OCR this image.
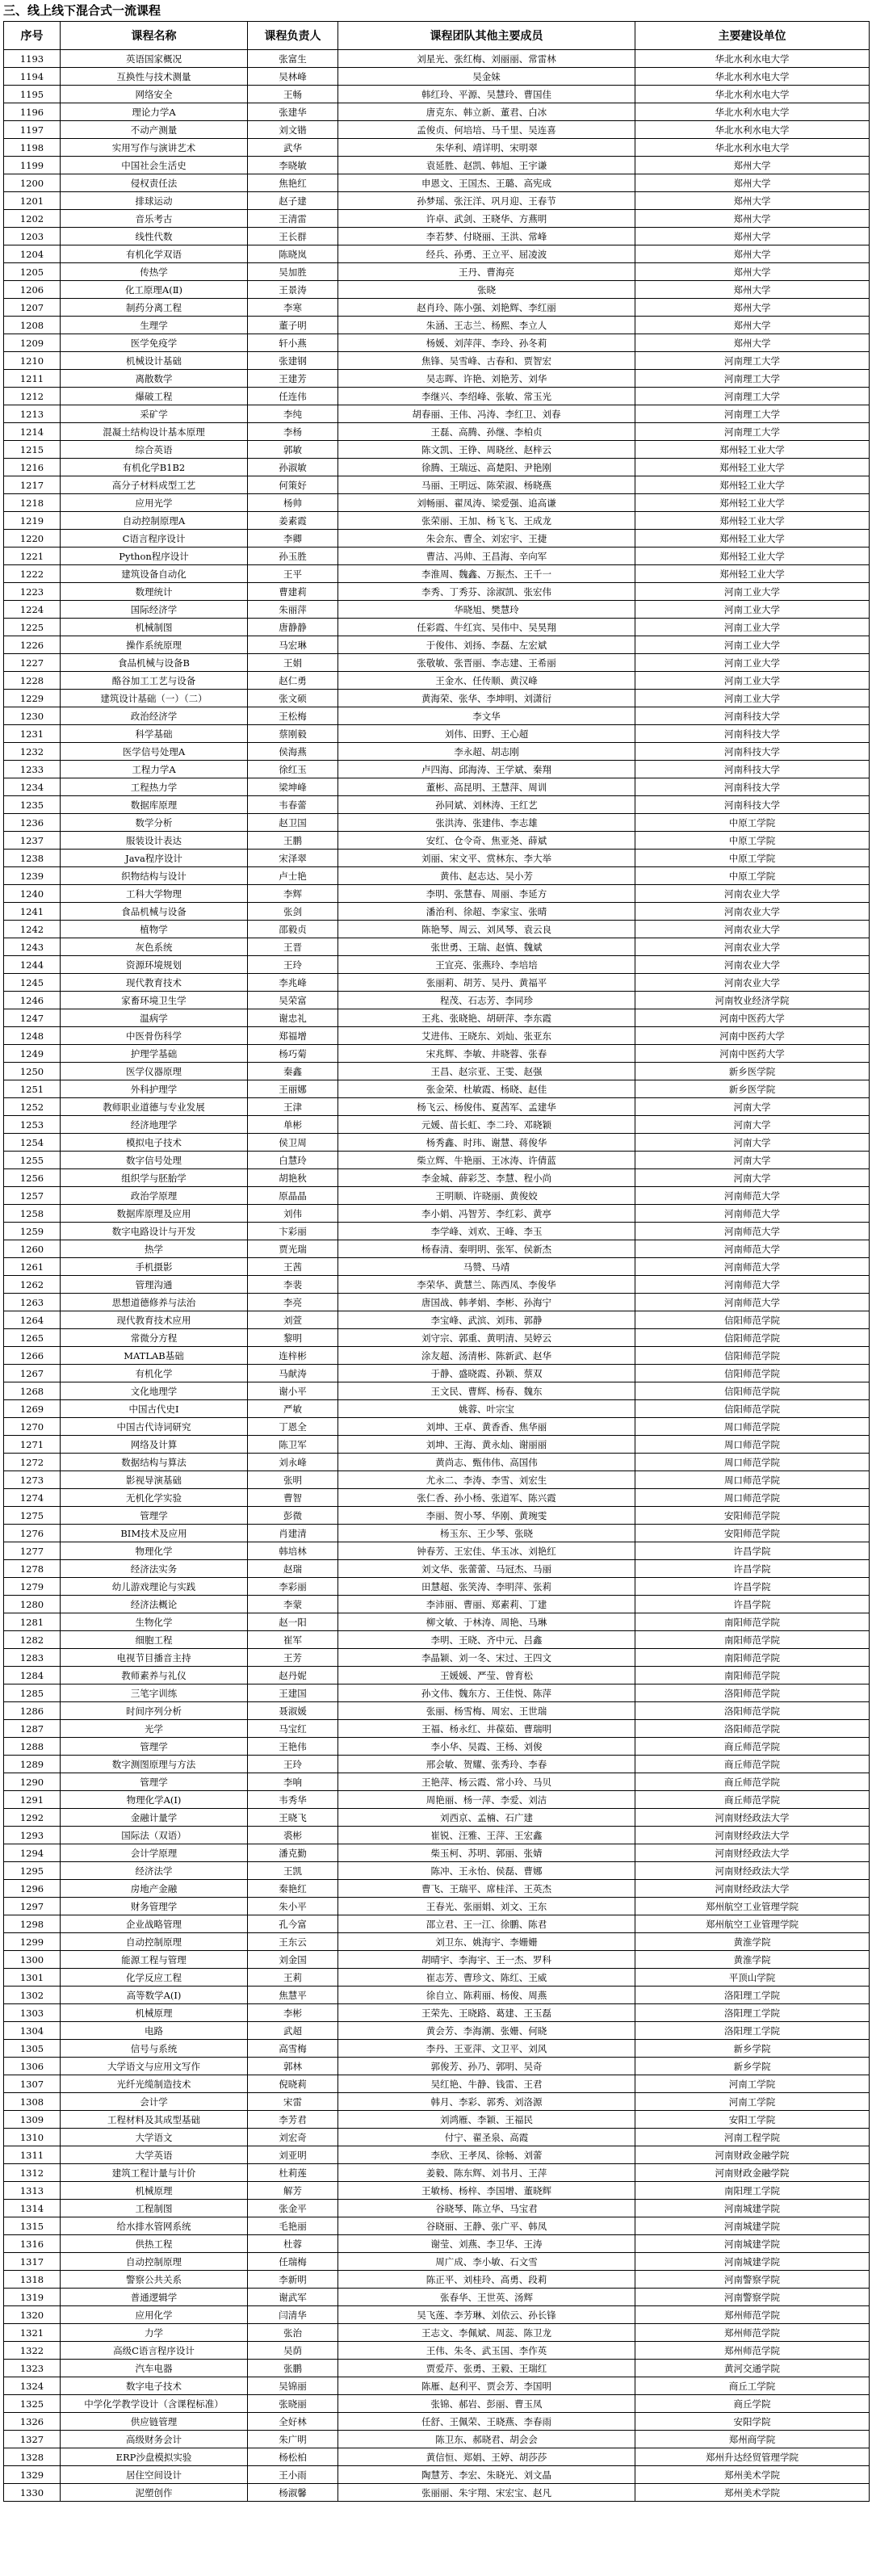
三、线上线下混合式一流课程
序号	课程名称	课程负责人	课程团队其他主要成员	主要建设单位
1193	英语国家概况	张富生	刘星光、张红梅、刘丽丽、常雷林	华北水利水电大学
1194	互换性与技术测量	吴林峰	吴金妹	华北水利水电大学
1195	网络安全	王畅	韩红玲、平源、吴慧玲、曹国佳	华北水利水电大学
1196	理论力学A	张建华	唐克东、韩立新、董君、白冰	华北水利水电大学
1197	不动产测量	刘文锴	孟俊贞、何培培、马千里、吴连喜	华北水利水电大学
1198	实用写作与演讲艺术	武华	朱华利、靖详明、宋明翠	华北水利水电大学
1199	中国社会生活史	李晓敏	袁延胜、赵凯、韩旭、王宇谦	郑州大学
1200	侵权责任法	焦艳红	申恩文、王国杰、王璐、高宪成	郑州大学
1201	排球运动	赵子建	孙梦瑶、张汪洋、巩月迎、王春节	郑州大学
1202	音乐考古	王清雷	许卓、武剑、王晓华、方燕明	郑州大学
1203	线性代数	王长群	李若梦、付晓丽、王洪、常峰	郑州大学
1204	有机化学双语	陈晓岚	经兵、孙勇、王立平、屈凌波	郑州大学
1205	传热学	吴加胜	王丹、曹海亮	郑州大学
1206	化工原理A(Ⅱ)	王景涛	张晓	郑州大学
1207	制药分离工程	李寒	赵肖玲、陈小强、刘艳辉、李红丽	郑州大学
1208	生理学	董子明	朱涵、王志兰、杨熙、李立人	郑州大学
1209	医学免疫学	轩小燕	杨媛、刘萍萍、李玲、孙冬莉	郑州大学
1210	机械设计基础	张建钢	焦锋、吴雪峰、古春和、贾智宏	河南理工大学
1211	离散数学	王建芳	吴志晖、许艳、刘艳芳、刘华	河南理工大学
1212	爆破工程	任连伟	李继兴、李绍峰、张敏、常玉光	河南理工大学
1213	采矿学	李纯	胡春丽、王伟、冯涛、李红卫、刘春	河南理工大学
1214	混凝土结构设计基本原理	李杨	王磊、高腾、孙继、李柏贞	河南理工大学
1215	综合英语	郭敏	陈文凯、王铮、周晓丝、赵梓云	郑州轻工业大学
1216	有机化学B1B2	孙淑敏	徐腾、王瑞远、高楚阳、尹艳刚	郑州轻工业大学
1217	高分子材料成型工艺	何策好	马丽、王明远、陈荣淑、杨晓燕	郑州轻工业大学
1218	应用光学	杨帅	刘畅丽、翟凤涛、梁爱强、追高谦	郑州轻工业大学
1219	自动控制原理A	姜素霞	张荣丽、王加、杨飞飞、王成龙	郑州轻工业大学
1220	C语言程序设计	李卿	朱会东、曹全、刘宏宇、王捷	郑州轻工业大学
1221	Python程序设计	孙玉胜	曹洁、冯帅、王昌海、辛向军	郑州轻工业大学
1222	建筑设备自动化	王平	李淮周、魏鑫、万振杰、王千一	郑州轻工业大学
1223	数理统计	曹建莉	李秀、丁秀芬、涂淑凯、张宏伟	河南工业大学
1224	国际经济学	朱丽萍	华晓旭、樊慧玲	河南工业大学
1225	机械制图	唐静静	任彩霞、牛红宾、吴伟中、吴昊翔	河南工业大学
1226	操作系统原理	马宏琳	于俊伟、刘扬、李磊、左宏斌	河南工业大学
1227	食品机械与设备B	王娟	张敬敏、张晋丽、李志建、王希丽	河南工业大学
1228	酪谷加工工艺与设备	赵仁勇	王金水、任传顺、黄汉峰	河南工业大学
1229	建筑设计基础（一）（二）	张文硕	黄海荣、张华、李坤明、刘潇衍	河南工业大学
1230	政治经济学	王松梅	李文华	河南科技大学
1231	科学基础	蔡刚毅	刘伟、田野、王心超	河南科技大学
1232	医学信号处理A	侯海燕	李永超、胡志刚	河南科技大学
1233	工程力学A	徐红玉	卢四海、邱海涛、王学斌、秦翔	河南科技大学
1234	工程热力学	梁坤峰	董彬、高昆明、王慧萍、周训	河南科技大学
1235	数据库原理	韦春蕾	孙同斌、刘林涛、王红艺	河南科技大学
1236	数学分析	赵卫国	张洪涛、张建伟、李志雄	中原工学院
1237	服装设计表达	王鹏	安红、仓令奇、焦亚尧、薛斌	中原工学院
1238	Java程序设计	宋泽翠	刘丽、宋文平、赏林东、李大举	中原工学院
1239	织物结构与设计	卢士艳	黄伟、赵志达、吴小芳	中原工学院
1240	工科大学物理	李辉	李明、张慧春、周丽、李延方	河南农业大学
1241	食品机械与设备	张剑	潘治利、徐超、李家宝、张晴	河南农业大学
1242	植物学	邵毅贞	陈艳琴、周云、刘风琴、袁云良	河南农业大学
1243	灰色系统	王晋	张世勇、王瑞、赵慎、魏斌	河南农业大学
1244	资源环境规划	王玲	王宜亮、张燕玲、李培培	河南农业大学
1245	现代教育技术	李兆峰	张丽莉、胡芳、吴丹、黄福平	河南农业大学
1246	家畜环境卫生学	吴荣富	程茂、石志芳、李同珍	河南牧业经济学院
1247	温病学	谢忠礼	王兆、张晓艳、胡研萍、李东霞	河南中医药大学
1248	中医骨伤科学	郑福增	艾进伟、王晓东、刘灿、张亚东	河南中医药大学
1249	护理学基础	杨巧菊	宋兆辉、李敏、井晓蓉、张春	河南中医药大学
1250	医学仪器原理	秦鑫	王昌、赵宗亚、王雯、赵强	新乡医学院
1251	外科护理学	王丽娜	张金荣、杜敏霞、杨晓、赵佳	新乡医学院
1252	教师职业道德与专业发展	王津	杨飞云、杨俊伟、夏茜军、孟建华	河南大学
1253	经济地理学	单彬	元媛、苗长虹、李二玲、邓晓颖	河南大学
1254	模拟电子技术	侯卫周	杨秀鑫、时玮、谢慧、蒋俊华	河南大学
1255	数字信号处理	白慧玲	柴立辉、牛艳丽、王冰涛、许倩蓝	河南大学
1256	组织学与胚胎学	胡艳秋	李金城、薛彩芝、李慧、程小尚	河南大学
1257	政治学原理	原晶晶	王明顺、许晓丽、黄俊姣	河南师范大学
1258	数据库原理及应用	刘伟	李小娟、冯智芳、李红彩、黄亭	河南师范大学
1259	数字电路设计与开发	卞彩丽	李学峰、刘欢、王峰、李玉	河南师范大学
1260	热学	贾光瑞	杨春清、秦明明、张军、侯新杰	河南师范大学
1261	手机摄影	王茜	马赞、马靖	河南师范大学
1262	管理沟通	李裴	李荣华、黄慧兰、陈西凤、李俊华	河南师范大学
1263	思想道德修养与法治	李亮	唐国战、韩孝娟、李彬、孙海宁	河南师范大学
1264	现代教育技术应用	刘萱	李宝峰、武滨、刘玮、郭静	信阳师范学院
1265	常微分方程	黎明	刘守宗、郭重、黄明清、吴婷云	信阳师范学院
1266	MATLAB基础	连梓彬	涂友超、汤清彬、陈新武、赵华	信阳师范学院
1267	有机化学	马献涛	于静、盛晓霞、孙颖、蔡双	信阳师范学院
1268	文化地理学	谢小平	王文民、曹辉、杨春、魏东	信阳师范学院
1269	中国古代史Ⅰ	严敏	姚蓉、叶宗宝	信阳师范学院
1270	中国古代诗词研究	丁恩全	刘坤、王卓、黄香香、焦华丽	周口师范学院
1271	网络及计算	陈卫军	刘坤、王海、黄永灿、谢丽丽	周口师范学院
1272	数据结构与算法	刘永峰	黄尚志、甄伟伟、高国伟	周口师范学院
1273	影视导演基础	张明	尤永二、李涛、李雪、刘宏生	周口师范学院
1274	无机化学实验	曹智	张仁香、孙小杨、张道军、陈兴霞	周口师范学院
1275	管理学	彭微	李丽、贺小琴、华刚、黄琬雯	安阳师范学院
1276	BIM技术及应用	肖建清	杨玉东、王少琴、张晓	安阳师范学院
1277	物理化学	韩培林	钟春芳、王宏佳、华玉冰、刘艳红	许昌学院
1278	经济法实务	赵瑞	刘文华、张蕾蕾、马冠杰、马丽	许昌学院
1279	幼儿游戏理论与实践	李彩丽	田慧超、张笑涛、李明萍、张莉	许昌学院
1280	经济法概论	李蒙	李沛丽、曹丽、郑素莉、丁建	许昌学院
1281	生物化学	赵一阳	柳文敏、于林涛、周艳、马琳	南阳师范学院
1282	细胞工程	崔军	李明、王晓、齐中元、吕鑫	南阳师范学院
1283	电视节目播音主持	王芳	李晶颖、刘一冬、宋过、王四文	南阳师范学院
1284	教师素养与礼仪	赵丹妮	王媛媛、严莹、曾育松	南阳师范学院
1285	三笔字训练	王建国	孙文伟、魏东方、王佳悦、陈萍	洛阳师范学院
1286	时间序列分析	聂淑媛	张丽、杨雪梅、周宏、王世瑞	洛阳师范学院
1287	光学	马宝红	王福、杨永红、井葆茹、曹瑞明	洛阳师范学院
1288	管理学	王艳伟	李小华、吴霞、王杨、刘俊	商丘师范学院
1289	数字测图原理与方法	王玲	邢会敏、贺耀、张秀玲、李春	商丘师范学院
1290	管理学	李响	王艳萍、杨云霞、常小玲、马贝	商丘师范学院
1291	物理化学A(Ⅰ)	韦秀华	周艳丽、杨一萍、李爱、刘洁	商丘师范学院
1292	金融计量学	王晓飞	刘西京、孟楠、石广建	河南财经政法大学
1293	国际法（双语）	裘彬	崔锐、汪雅、王萍、王宏鑫	河南财经政法大学
1294	会计学原理	潘克勤	柴玉柯、苏明、郭丽、张婧	河南财经政法大学
1295	经济法学	王凯	陈冲、王永怡、侯磊、曹娜	河南财经政法大学
1296	房地产金融	秦艳红	曹飞、王瑞平、席桂洋、王英杰	河南财经政法大学
1297	财务管理学	朱小平	王春光、张丽娟、刘文、王东	郑州航空工业管理学院
1298	企业战略管理	孔今富	邵立君、王一江、徐鹏、陈君	郑州航空工业管理学院
1299	自动控制原理	王东云	刘卫东、姚海宇、李姗姗	黄淮学院
1300	能源工程与管理	刘金国	胡晴宇、李海宇、王一杰、罗科	黄淮学院
1301	化学反应工程	王莉	崔志芳、曹珍文、陈红、王威	平顶山学院
1302	高等数学A(Ⅰ)	焦慧平	徐自立、陈莉丽、杨俊、周燕	洛阳理工学院
1303	机械原理	李彬	王荣先、王晓路、葛建、王玉磊	洛阳理工学院
1304	电路	武超	黄会芳、李海潮、张姗、何晓	洛阳理工学院
1305	信号与系统	高雪梅	李丹、王亚萍、文卫平、刘风	新乡学院
1306	大学语文与应用文写作	郭林	郭俊芳、孙乃、郭明、吴奇	新乡学院
1307	光纤光缆制造技术	倪晓莉	吴红艳、牛静、钱雷、王君	河南工学院
1308	会计学	宋雷	韩月、李彩、郭秀、刘洛源	河南工学院
1309	工程材料及其成型基础	李芳君	刘鸿雁、李颖、王福民	安阳工学院
1310	大学语文	刘宏奇	付宁、翟圣泉、高霞	河南工程学院
1311	大学英语	刘亚明	李欣、王孝凤、徐畅、刘蕾	河南财政金融学院
1312	建筑工程计量与计价	杜莉莲	姜毅、陈东辉、刘书月、王萍	河南财政金融学院
1313	机械原理	解芳	王敏杨、杨梓、李国增、董晓辉	南阳理工学院
1314	工程制图	张金平	谷晓琴、陈立华、马宝君	河南城建学院
1315	给水排水管网系统	毛艳丽	谷晓丽、王静、张广平、韩凤	河南城建学院
1316	供热工程	杜蓉	谢莹、刘燕、李卫华、王涛	河南城建学院
1317	自动控制原理	任瑞梅	周广成、李小敏、石文雪	河南城建学院
1318	警察公共关系	李新明	陈正平、刘桂玲、高勇、段莉	河南警察学院
1319	普通逻辑学	谢武军	张春华、王世英、汤辉	河南警察学院
1320	应用化学	闫清华	吴飞莲、李芳琳、刘依云、孙长锋	郑州师范学院
1321	力学	张治	王志文、李佩斌、周蕊、陈卫龙	郑州师范学院
1322	高级C语言程序设计	吴荫	王伟、朱冬、武玉国、李作英	郑州师范学院
1323	汽车电器	张鹏	贾爱芹、张勇、王毅、王瑞红	黄河交通学院
1324	数字电子技术	吴锦丽	陈雁、赵利平、贾会芳、李国明	商丘工学院
1325	中学化学教学设计（含课程标准）	张晓丽	张锦、郝岩、彭丽、曹玉凤	商丘学院
1326	供应链管理	全好林	任舒、王佩荣、王晓燕、李春雨	安阳学院
1327	高级财务会计	朱广明	陈卫东、郝晓君、胡会会	郑州商学院
1328	ERP沙盘模拟实验	杨松柏	黄信恒、郑娟、王婷、胡莎莎	郑州升达经贸管理学院
1329	居住空间设计	王小雨	陶慧芳、李宏、朱晓光、刘文晶	郑州美术学院
1330	泥塑创作	杨淑馨	张丽丽、朱宇翔、宋宏宝、赵凡	郑州美术学院
